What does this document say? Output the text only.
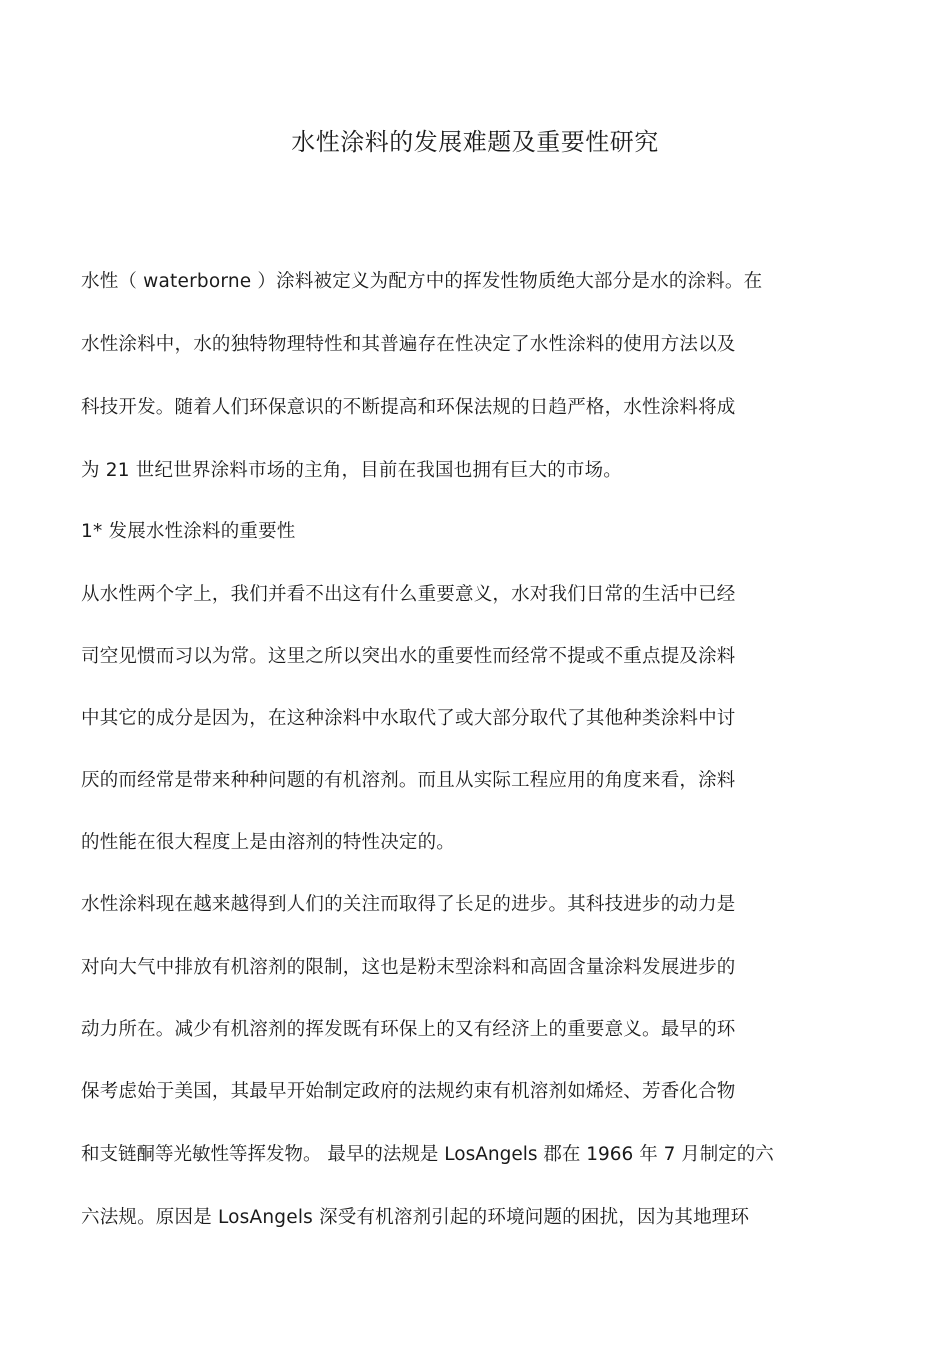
水性涂料的发展难题及重要性研究
水性（ waterborne ）涂料被定义为配方中的挥发性物质绝大部分是水的涂料。在
水性涂料中，水的独特物理特性和其普遍存在性决定了水性涂料的使用方法以及
科技开发。随着人们环保意识的不断提高和环保法规的日趋严格，水性涂料将成
为 21 世纪世界涂料市场的主角，目前在我国也拥有巨大的市场。
1* 发展水性涂料的重要性
从水性两个字上，我们并看不出这有什么重要意义，水对我们日常的生活中已经
司空见惯而习以为常。这里之所以突出水的重要性而经常不提或不重点提及涂料
中其它的成分是因为，在这种涂料中水取代了或大部分取代了其他种类涂料中讨
厌的而经常是带来种种问题的有机溶剂。而且从实际工程应用的角度来看，涂料
的性能在很大程度上是由溶剂的特性决定的。
水性涂料现在越来越得到人们的关注而取得了长足的进步。其科技进步的动力是
对向大气中排放有机溶剂的限制，这也是粉末型涂料和高固含量涂料发展进步的
动力所在。减少有机溶剂的挥发既有环保上的又有经济上的重要意义。最早的环
保考虑始于美国，其最早开始制定政府的法规约束有机溶剂如烯烃、芳香化合物
和支链酮等光敏性等挥发物。 最早的法规是 LosAngels 郡在 1966 年 7 月制定的六
六法规。原因是 LosAngels 深受有机溶剂引起的环境问题的困扰，因为其地理环
